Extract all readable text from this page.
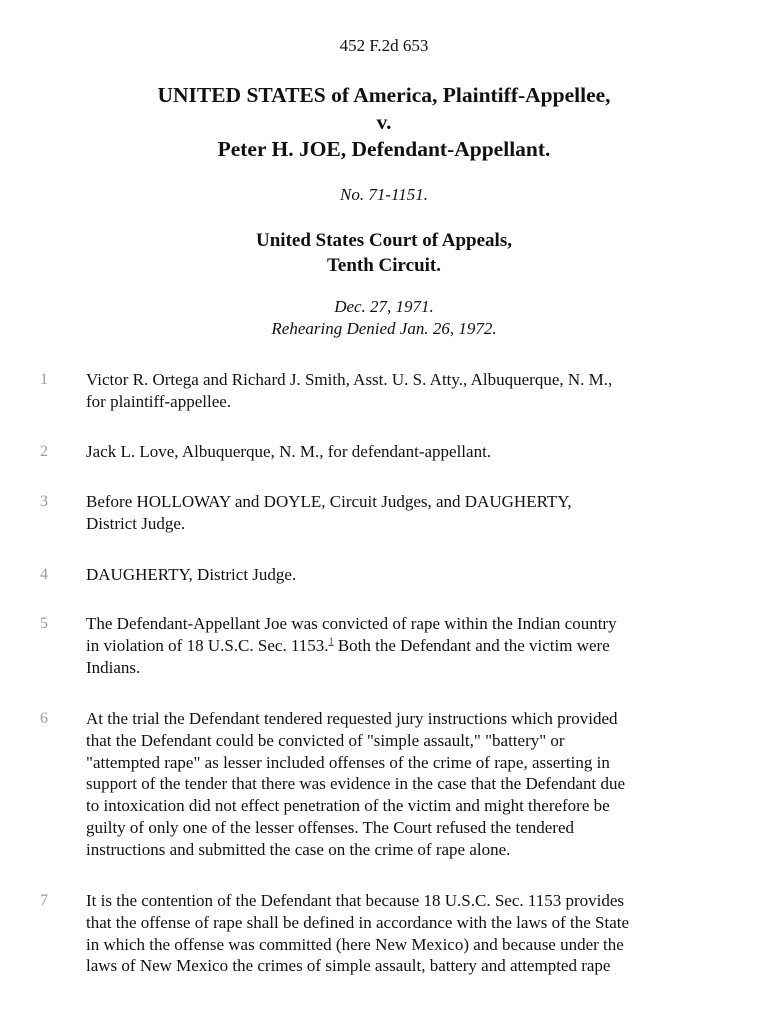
452 F.2d 653
UNITED STATES of America, Plaintiff-Appellee,
v.
Peter H. JOE, Defendant-Appellant.
No. 71-1151.
United States Court of Appeals,
Tenth Circuit.
Dec. 27, 1971.
Rehearing Denied Jan. 26, 1972.
1	Victor R. Ortega and Richard J. Smith, Asst. U. S. Atty., Albuquerque, N. M.,
for plaintiff-appellee.
2	Jack L. Love, Albuquerque, N. M., for defendant-appellant.
3	Before HOLLOWAY and DOYLE, Circuit Judges, and DAUGHERTY,
District Judge.
4	DAUGHERTY, District Judge.
5	The Defendant-Appellant Joe was convicted of rape within the Indian country
in violation of 18 U.S.C. Sec. 1153.$^1$ Both the Defendant and the victim were
Indians.
6	At the trial the Defendant tendered requested jury instructions which provided
that the Defendant could be convicted of "simple assault," "battery" or
"attempted rape" as lesser included offenses of the crime of rape, asserting in
support of the tender that there was evidence in the case that the Defendant due
to intoxication did not effect penetration of the victim and might therefore be
guilty of only one of the lesser offenses. The Court refused the tendered
instructions and submitted the case on the crime of rape alone.
7	It is the contention of the Defendant that because 18 U.S.C. Sec. 1153 provides
that the offense of rape shall be defined in accordance with the laws of the State
in which the offense was committed (here New Mexico) and because under the
laws of New Mexico the crimes of simple assault, battery and attempted rape
